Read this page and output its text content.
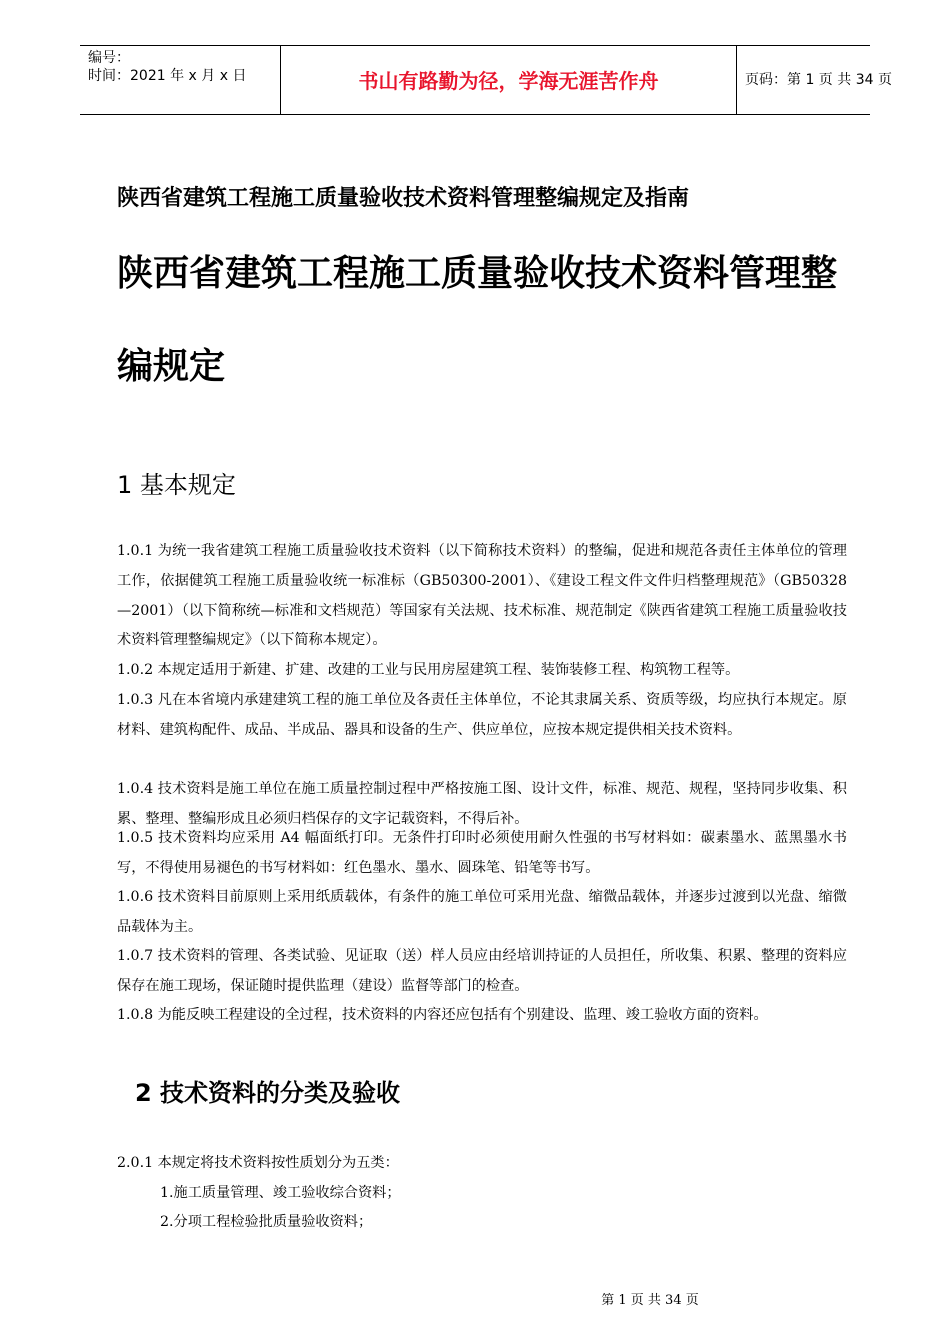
编号：
时间：2021 年 x 月 x 日	书山有路勤为径，学海无涯苦作舟	页码：第 1 页 共 34 页
陕西省建筑工程施工质量验收技术资料管理整编规定及指南
陕西省建筑工程施工质量验收技术资料管理整
编规定
1 基本规定
1.0.1 为统一我省建筑工程施工质量验收技术资料（以下简称技术资料）的整编，促进和规范各责任主体单位的管理工作，依据健筑工程施工质量验收统一标准标（GB50300-2001）、《建设工程文件文件归档整理规范》（GB50328—2001）（以下简称统—标准和文档规范）等国家有关法规、技术标准、规范制定《陕西省建筑工程施工质量验收技术资料管理整编规定》（以下简称本规定）。
1.0.2 本规定适用于新建、扩建、改建的工业与民用房屋建筑工程、装饰装修工程、构筑物工程等。
1.0.3 凡在本省境内承建建筑工程的施工单位及各责任主体单位，不论其隶属关系、资质等级，均应执行本规定。原材料、建筑构配件、成品、半成品、器具和设备的生产、供应单位，应按本规定提供相关技术资料。
1.0.4 技术资料是施工单位在施工质量控制过程中严格按施工图、设计文件，标准、规范、规程，坚持同步收集、积累、整理、整编形成且必须归档保存的文字记载资料，不得后补。
1.0.5 技术资料均应采用 A4 幅面纸打印。无条件打印时必须使用耐久性强的书写材料如：碳素墨水、蓝黑墨水书写，不得使用易褪色的书写材料如：红色墨水、墨水、圆珠笔、铅笔等书写。
1.0.6 技术资料目前原则上采用纸质载体，有条件的施工单位可采用光盘、缩微品载体，并逐步过渡到以光盘、缩微品载体为主。
1.0.7 技术资料的管理、各类试验、见证取（送）样人员应由经培训持证的人员担任，所收集、积累、整理的资料应保存在施工现场，保证随时提供监理（建设）监督等部门的检查。
1.0.8 为能反映工程建设的全过程，技术资料的内容还应包括有个别建设、监理、竣工验收方面的资料。
2 技术资料的分类及验收
2.0.1 本规定将技术资料按性质划分为五类：
1.施工质量管理、竣工验收综合资料；
2.分项工程检验批质量验收资料；
第 1 页 共 34 页
